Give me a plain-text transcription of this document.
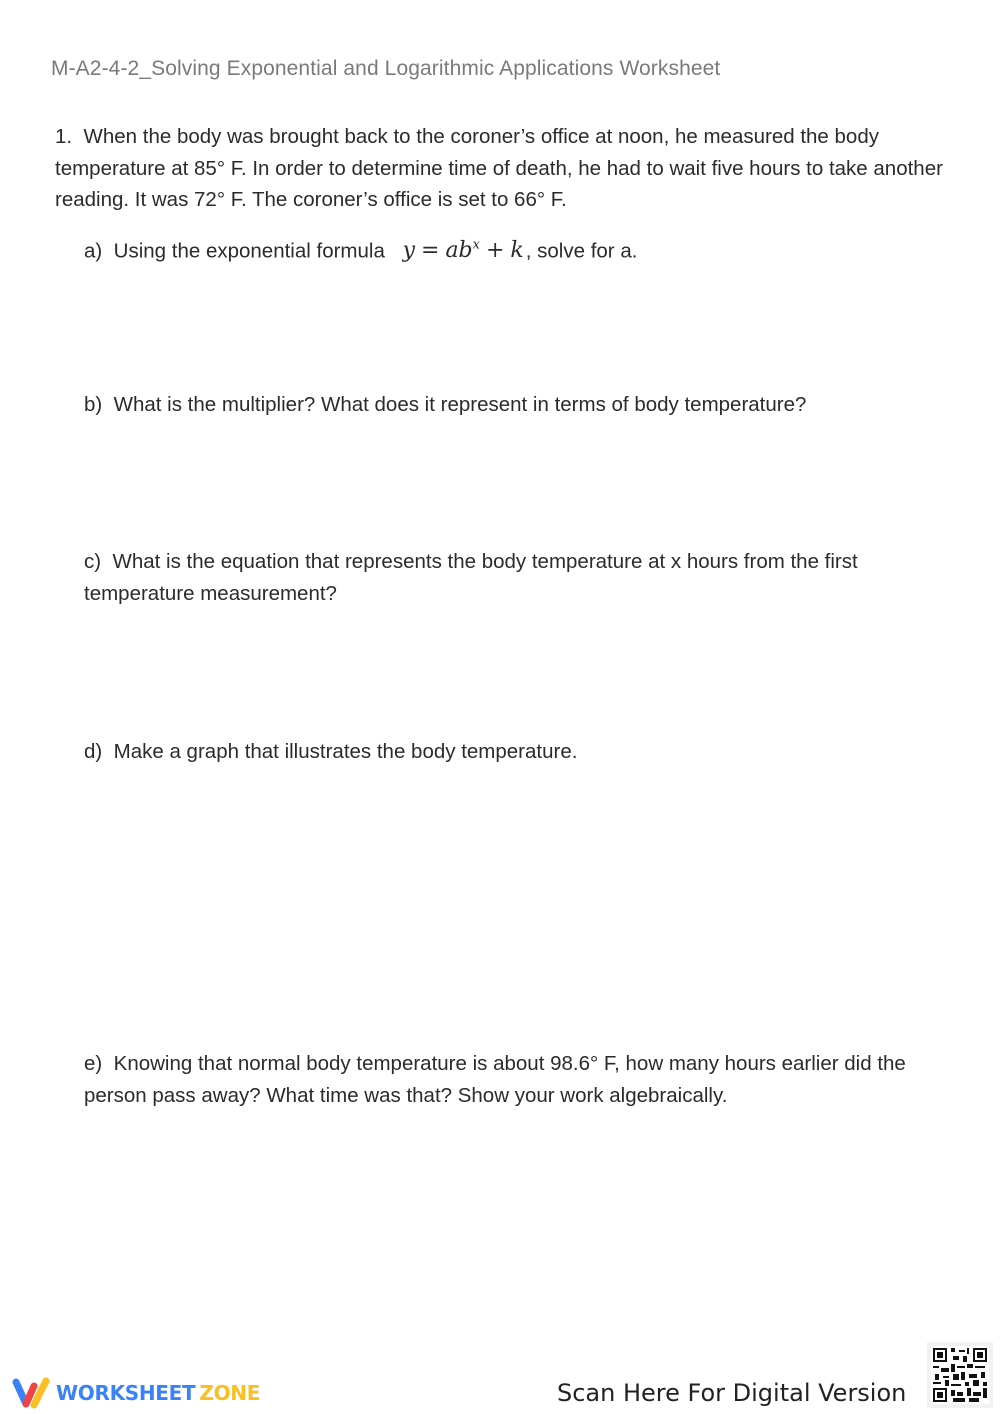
M-A2-4-2_Solving Exponential and Logarithmic Applications Worksheet
1. When the body was brought back to the coroner’s office at noon, he measured the body temperature at 85° F. In order to determine time of death, he had to wait five hours to take another reading. It was 72° F. The coroner’s office is set to 66° F.
a) Using the exponential formula $y = ab^x + k$, solve for a.
b) What is the multiplier? What does it represent in terms of body temperature?
c) What is the equation that represents the body temperature at x hours from the first temperature measurement?
d) Make a graph that illustrates the body temperature.
e) Knowing that normal body temperature is about 98.6° F, how many hours earlier did the person pass away? What time was that? Show your work algebraically.
WORKSHEET ZONE	Scan Here For Digital Version
